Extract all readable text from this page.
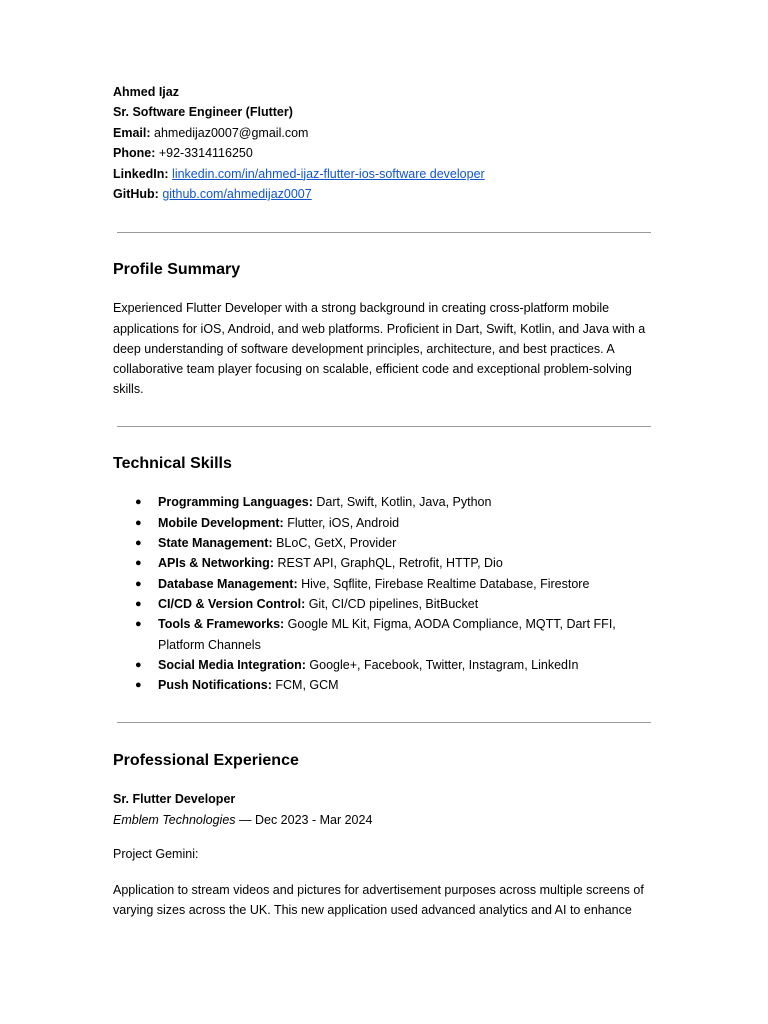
Ahmed Ijaz
Sr. Software Engineer (Flutter)
Email: ahmedijaz0007@gmail.com
Phone: +92-3314116250
LinkedIn: linkedin.com/in/ahmed-ijaz-flutter-ios-software developer
GitHub: github.com/ahmedijaz0007
Profile Summary

Experienced Flutter Developer with a strong background in creating cross-platform mobile applications for iOS, Android, and web platforms. Proficient in Dart, Swift, Kotlin, and Java with a deep understanding of software development principles, architecture, and best practices. A collaborative team player focusing on scalable, efficient code and exceptional problem-solving skills.

Technical Skills
● Programming Languages: Dart, Swift, Kotlin, Java, Python
● Mobile Development: Flutter, iOS, Android
● State Management: BLoC, GetX, Provider
● APIs & Networking: REST API, GraphQL, Retrofit, HTTP, Dio
● Database Management: Hive, Sqflite, Firebase Realtime Database, Firestore
● CI/CD & Version Control: Git, CI/CD pipelines, BitBucket
● Tools & Frameworks: Google ML Kit, Figma, AODA Compliance, MQTT, Dart FFI, Platform Channels
● Social Media Integration: Google+, Facebook, Twitter, Instagram, LinkedIn
● Push Notifications: FCM, GCM
Professional Experience
Sr. Flutter Developer
Emblem Technologies — Dec 2023 - Mar 2024
Project Gemini:

Application to stream videos and pictures for advertisement purposes across multiple screens of varying sizes across the UK. This new application used advanced analytics and AI to enhance
